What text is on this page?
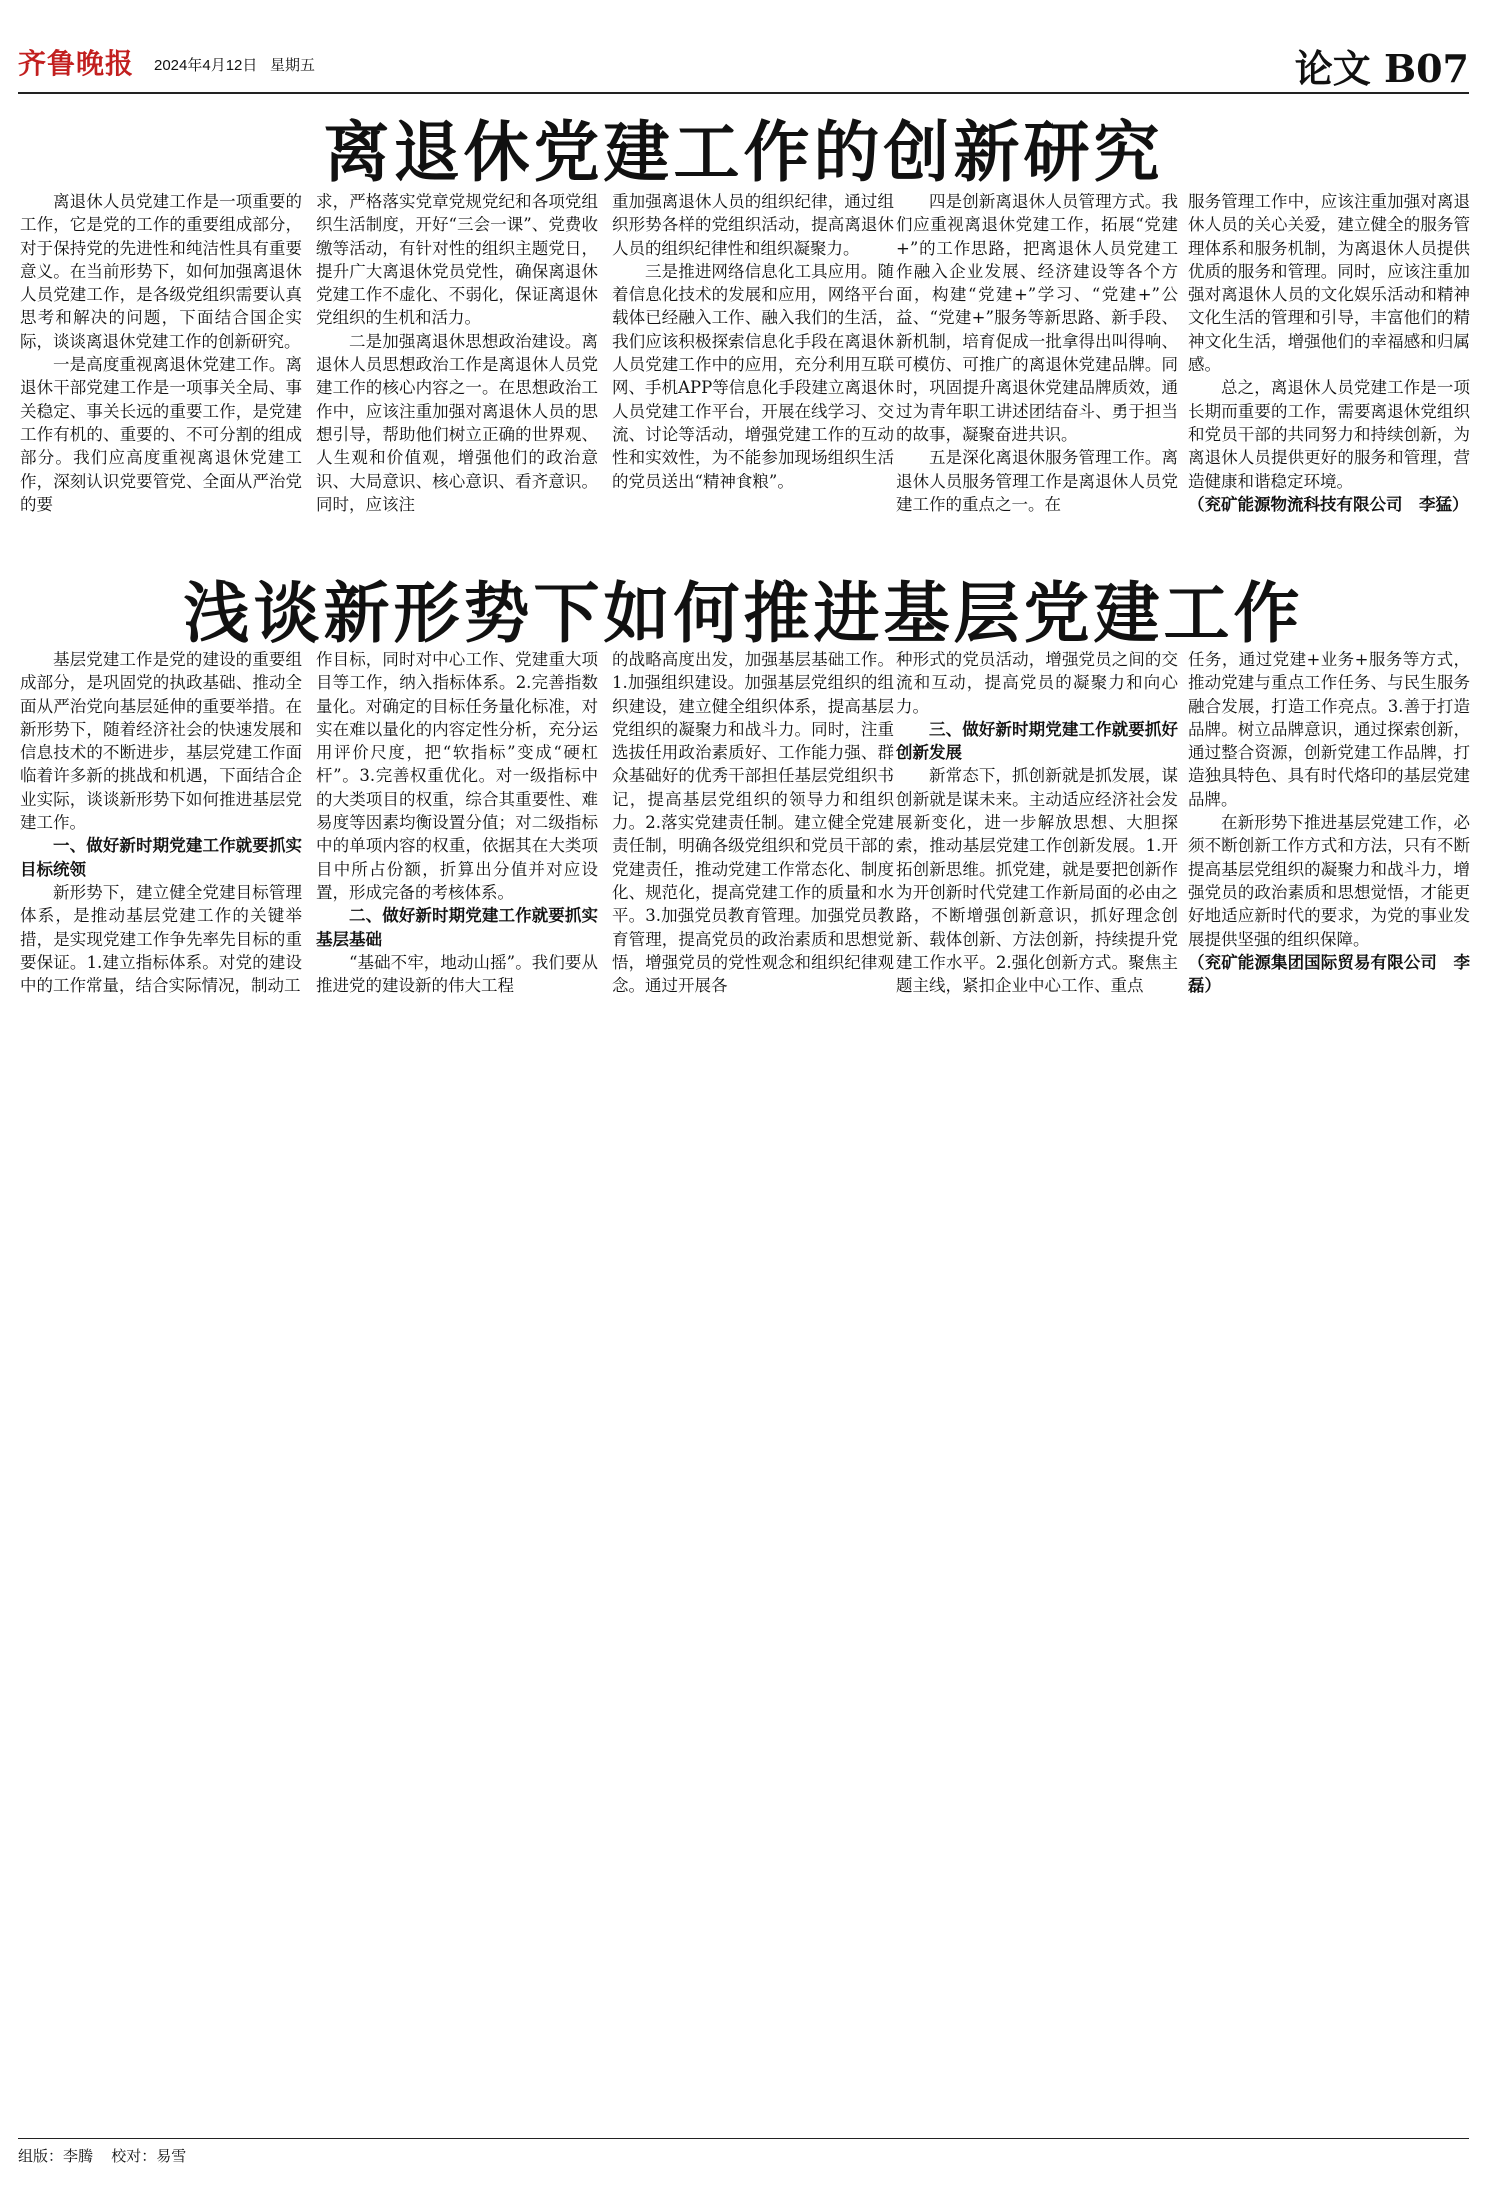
齐鲁晚报 2024年4月12日 星期五	论文 B07
离退休党建工作的创新研究

离退休人员党建工作是一项重要的工作，它是党的工作的重要组成部分，对于保持党的先进性和纯洁性具有重要意义。在当前形势下，如何加强离退休人员党建工作，是各级党组织需要认真思考和解决的问题，下面结合国企实际，谈谈离退休党建工作的创新研究。

一是高度重视离退休党建工作。离退休干部党建工作是一项事关全局、事关稳定、事关长远的重要工作，是党建工作有机的、重要的、不可分割的组成部分。我们应高度重视离退休党建工作，深刻认识党要管党、全面从严治党的要

求，严格落实党章党规党纪和各项党组织生活制度，开好“三会一课”、党费收缴等活动，有针对性的组织主题党日，提升广大离退休党员党性，确保离退休党建工作不虚化、不弱化，保证离退休党组织的生机和活力。

二是加强离退休思想政治建设。离退休人员思想政治工作是离退休人员党建工作的核心内容之一。在思想政治工作中，应该注重加强对离退休人员的思想引导，帮助他们树立正确的世界观、人生观和价值观，增强他们的政治意识、大局意识、核心意识、看齐意识。同时，应该注

重加强离退休人员的组织纪律，通过组织形势各样的党组织活动，提高离退休人员的组织纪律性和组织凝聚力。

三是推进网络信息化工具应用。随着信息化技术的发展和应用，网络平台载体已经融入工作、融入我们的生活，我们应该积极探索信息化手段在离退休人员党建工作中的应用，充分利用互联网、手机APP等信息化手段建立离退休人员党建工作平台，开展在线学习、交流、讨论等活动，增强党建工作的互动性和实效性，为不能参加现场组织生活的党员送出“精神食粮”。

四是创新离退休人员管理方式。我们应重视离退休党建工作，拓展“党建+”的工作思路，把离退休人员党建工作融入企业发展、经济建设等各个方面，构建“党建+”学习、“党建+”公益、“党建+”服务等新思路、新手段、新机制，培育促成一批拿得出叫得响、可模仿、可推广的离退休党建品牌。同时，巩固提升离退休党建品牌质效，通过为青年职工讲述团结奋斗、勇于担当的故事，凝聚奋进共识。

五是深化离退休服务管理工作。离退休人员服务管理工作是离退休人员党建工作的重点之一。在

服务管理工作中，应该注重加强对离退休人员的关心关爱，建立健全的服务管理体系和服务机制，为离退休人员提供优质的服务和管理。同时，应该注重加强对离退休人员的文化娱乐活动和精神文化生活的管理和引导，丰富他们的精神文化生活，增强他们的幸福感和归属感。

总之，离退休人员党建工作是一项长期而重要的工作，需要离退休党组织和党员干部的共同努力和持续创新，为离退休人员提供更好的服务和管理，营造健康和谐稳定环境。

（兖矿能源物流科技有限公司　李猛）

浅谈新形势下如何推进基层党建工作

基层党建工作是党的建设的重要组成部分，是巩固党的执政基础、推动全面从严治党向基层延伸的重要举措。在新形势下，随着经济社会的快速发展和信息技术的不断进步，基层党建工作面临着许多新的挑战和机遇，下面结合企业实际，谈谈新形势下如何推进基层党建工作。

一、做好新时期党建工作就要抓实目标统领

新形势下，建立健全党建目标管理体系，是推动基层党建工作的关键举措，是实现党建工作争先率先目标的重要保证。1.建立指标体系。对党的建设中的工作常量，结合实际情况，制动工

作目标，同时对中心工作、党建重大项目等工作，纳入指标体系。2.完善指数量化。对确定的目标任务量化标准，对实在难以量化的内容定性分析，充分运用评价尺度，把“软指标”变成“硬杠杆”。3.完善权重优化。对一级指标中的大类项目的权重，综合其重要性、难易度等因素均衡设置分值；对二级指标中的单项内容的权重，依据其在大类项目中所占份额，折算出分值并对应设置，形成完备的考核体系。

二、做好新时期党建工作就要抓实基层基础

“基础不牢，地动山摇”。我们要从推进党的建设新的伟大工程

的战略高度出发，加强基层基础工作。1.加强组织建设。加强基层党组织的组织建设，建立健全组织体系，提高基层党组织的凝聚力和战斗力。同时，注重选拔任用政治素质好、工作能力强、群众基础好的优秀干部担任基层党组织书记，提高基层党组织的领导力和组织力。2.落实党建责任制。建立健全党建责任制，明确各级党组织和党员干部的党建责任，推动党建工作常态化、制度化、规范化，提高党建工作的质量和水平。3.加强党员教育管理。加强党员教育管理，提高党员的政治素质和思想觉悟，增强党员的党性观念和组织纪律观念。通过开展各

种形式的党员活动，增强党员之间的交流和互动，提高党员的凝聚力和向心力。

三、做好新时期党建工作就要抓好创新发展

新常态下，抓创新就是抓发展，谋创新就是谋未来。主动适应经济社会发展新变化，进一步解放思想、大胆探索，推动基层党建工作创新发展。1.开拓创新思维。抓党建，就是要把创新作为开创新时代党建工作新局面的必由之路，不断增强创新意识，抓好理念创新、载体创新、方法创新，持续提升党建工作水平。2.强化创新方式。聚焦主题主线，紧扣企业中心工作、重点

任务，通过党建+业务+服务等方式，推动党建与重点工作任务、与民生服务融合发展，打造工作亮点。3.善于打造品牌。树立品牌意识，通过探索创新，通过整合资源，创新党建工作品牌，打造独具特色、具有时代烙印的基层党建品牌。

在新形势下推进基层党建工作，必须不断创新工作方式和方法，只有不断提高基层党组织的凝聚力和战斗力，增强党员的政治素质和思想觉悟，才能更好地适应新时代的要求，为党的事业发展提供坚强的组织保障。

（兖矿能源集团国际贸易有限公司　李磊）

组版：李腾 校对：易雪
